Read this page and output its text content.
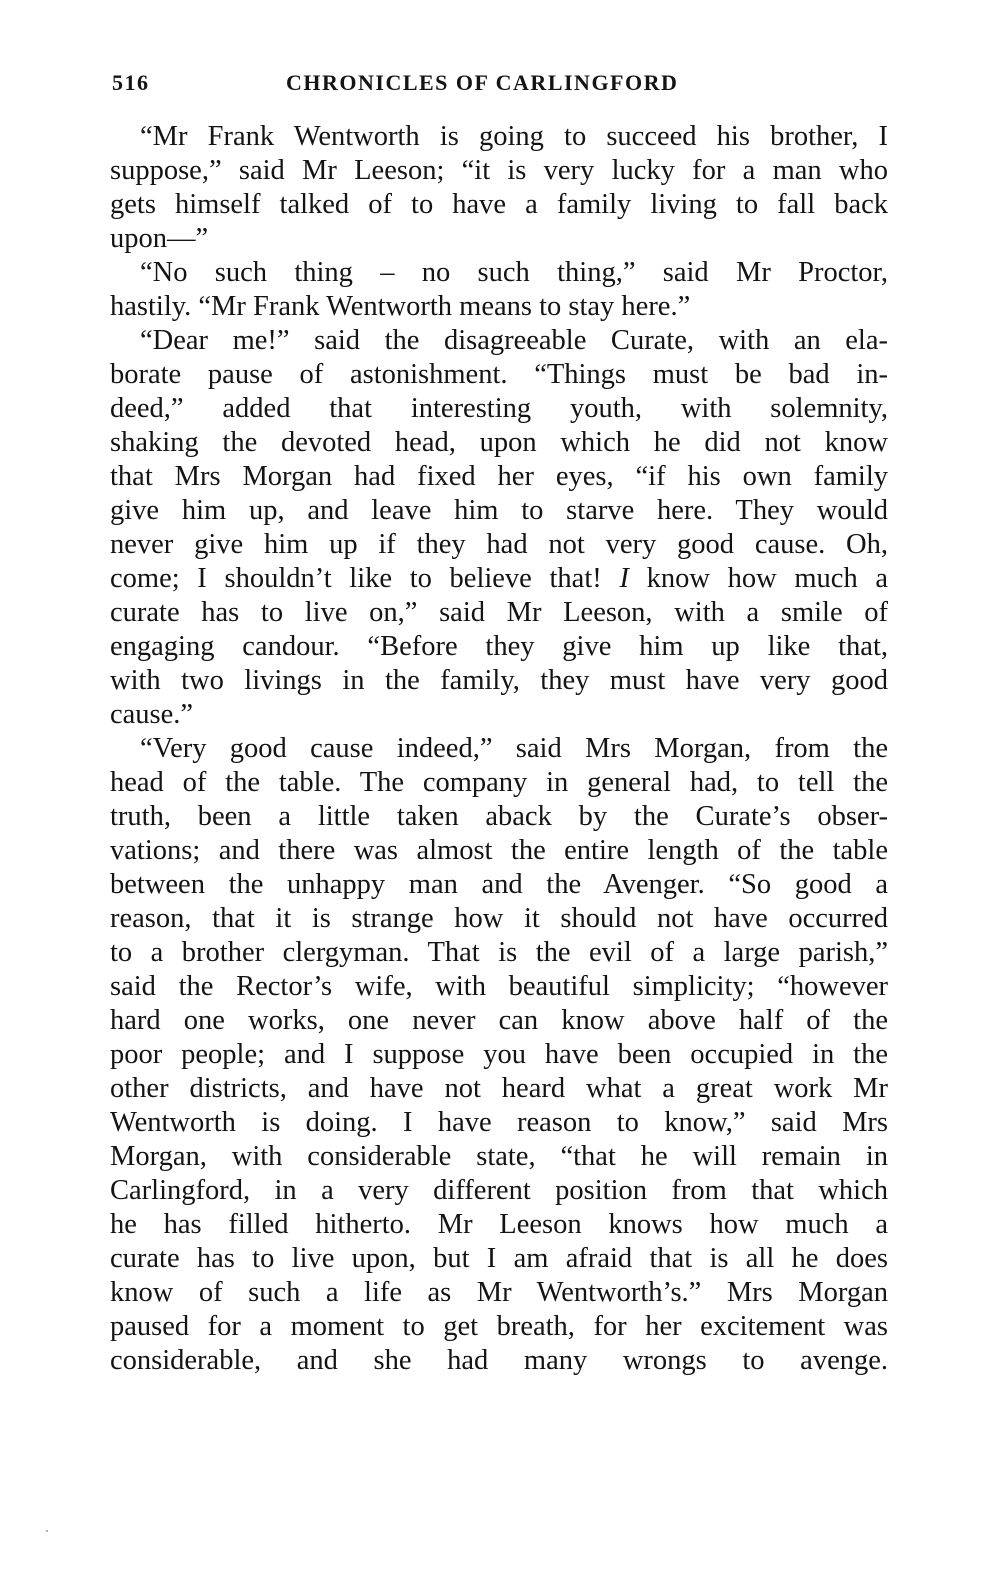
516	CHRONICLES OF CARLINGFORD
“Mr Frank Wentworth is going to succeed his brother, I
suppose,” said Mr Leeson; “it is very lucky for a man who
gets himself talked of to have a family living to fall back
upon—”
“No such thing – no such thing,” said Mr Proctor,
hastily. “Mr Frank Wentworth means to stay here.”
“Dear me!” said the disagreeable Curate, with an ela-
borate pause of astonishment. “Things must be bad in-
deed,” added that interesting youth, with solemnity,
shaking the devoted head, upon which he did not know
that Mrs Morgan had fixed her eyes, “if his own family
give him up, and leave him to starve here. They would
never give him up if they had not very good cause. Oh,
come; I shouldn’t like to believe that! I know how much a
curate has to live on,” said Mr Leeson, with a smile of
engaging candour. “Before they give him up like that,
with two livings in the family, they must have very good
cause.”
“Very good cause indeed,” said Mrs Morgan, from the
head of the table. The company in general had, to tell the
truth, been a little taken aback by the Curate’s obser-
vations; and there was almost the entire length of the table
between the unhappy man and the Avenger. “So good a
reason, that it is strange how it should not have occurred
to a brother clergyman. That is the evil of a large parish,”
said the Rector’s wife, with beautiful simplicity; “however
hard one works, one never can know above half of the
poor people; and I suppose you have been occupied in the
other districts, and have not heard what a great work Mr
Wentworth is doing. I have reason to know,” said Mrs
Morgan, with considerable state, “that he will remain in
Carlingford, in a very different position from that which
he has filled hitherto. Mr Leeson knows how much a
curate has to live upon, but I am afraid that is all he does
know of such a life as Mr Wentworth’s.” Mrs Morgan
paused for a moment to get breath, for her excitement was
considerable, and she had many wrongs to avenge.
